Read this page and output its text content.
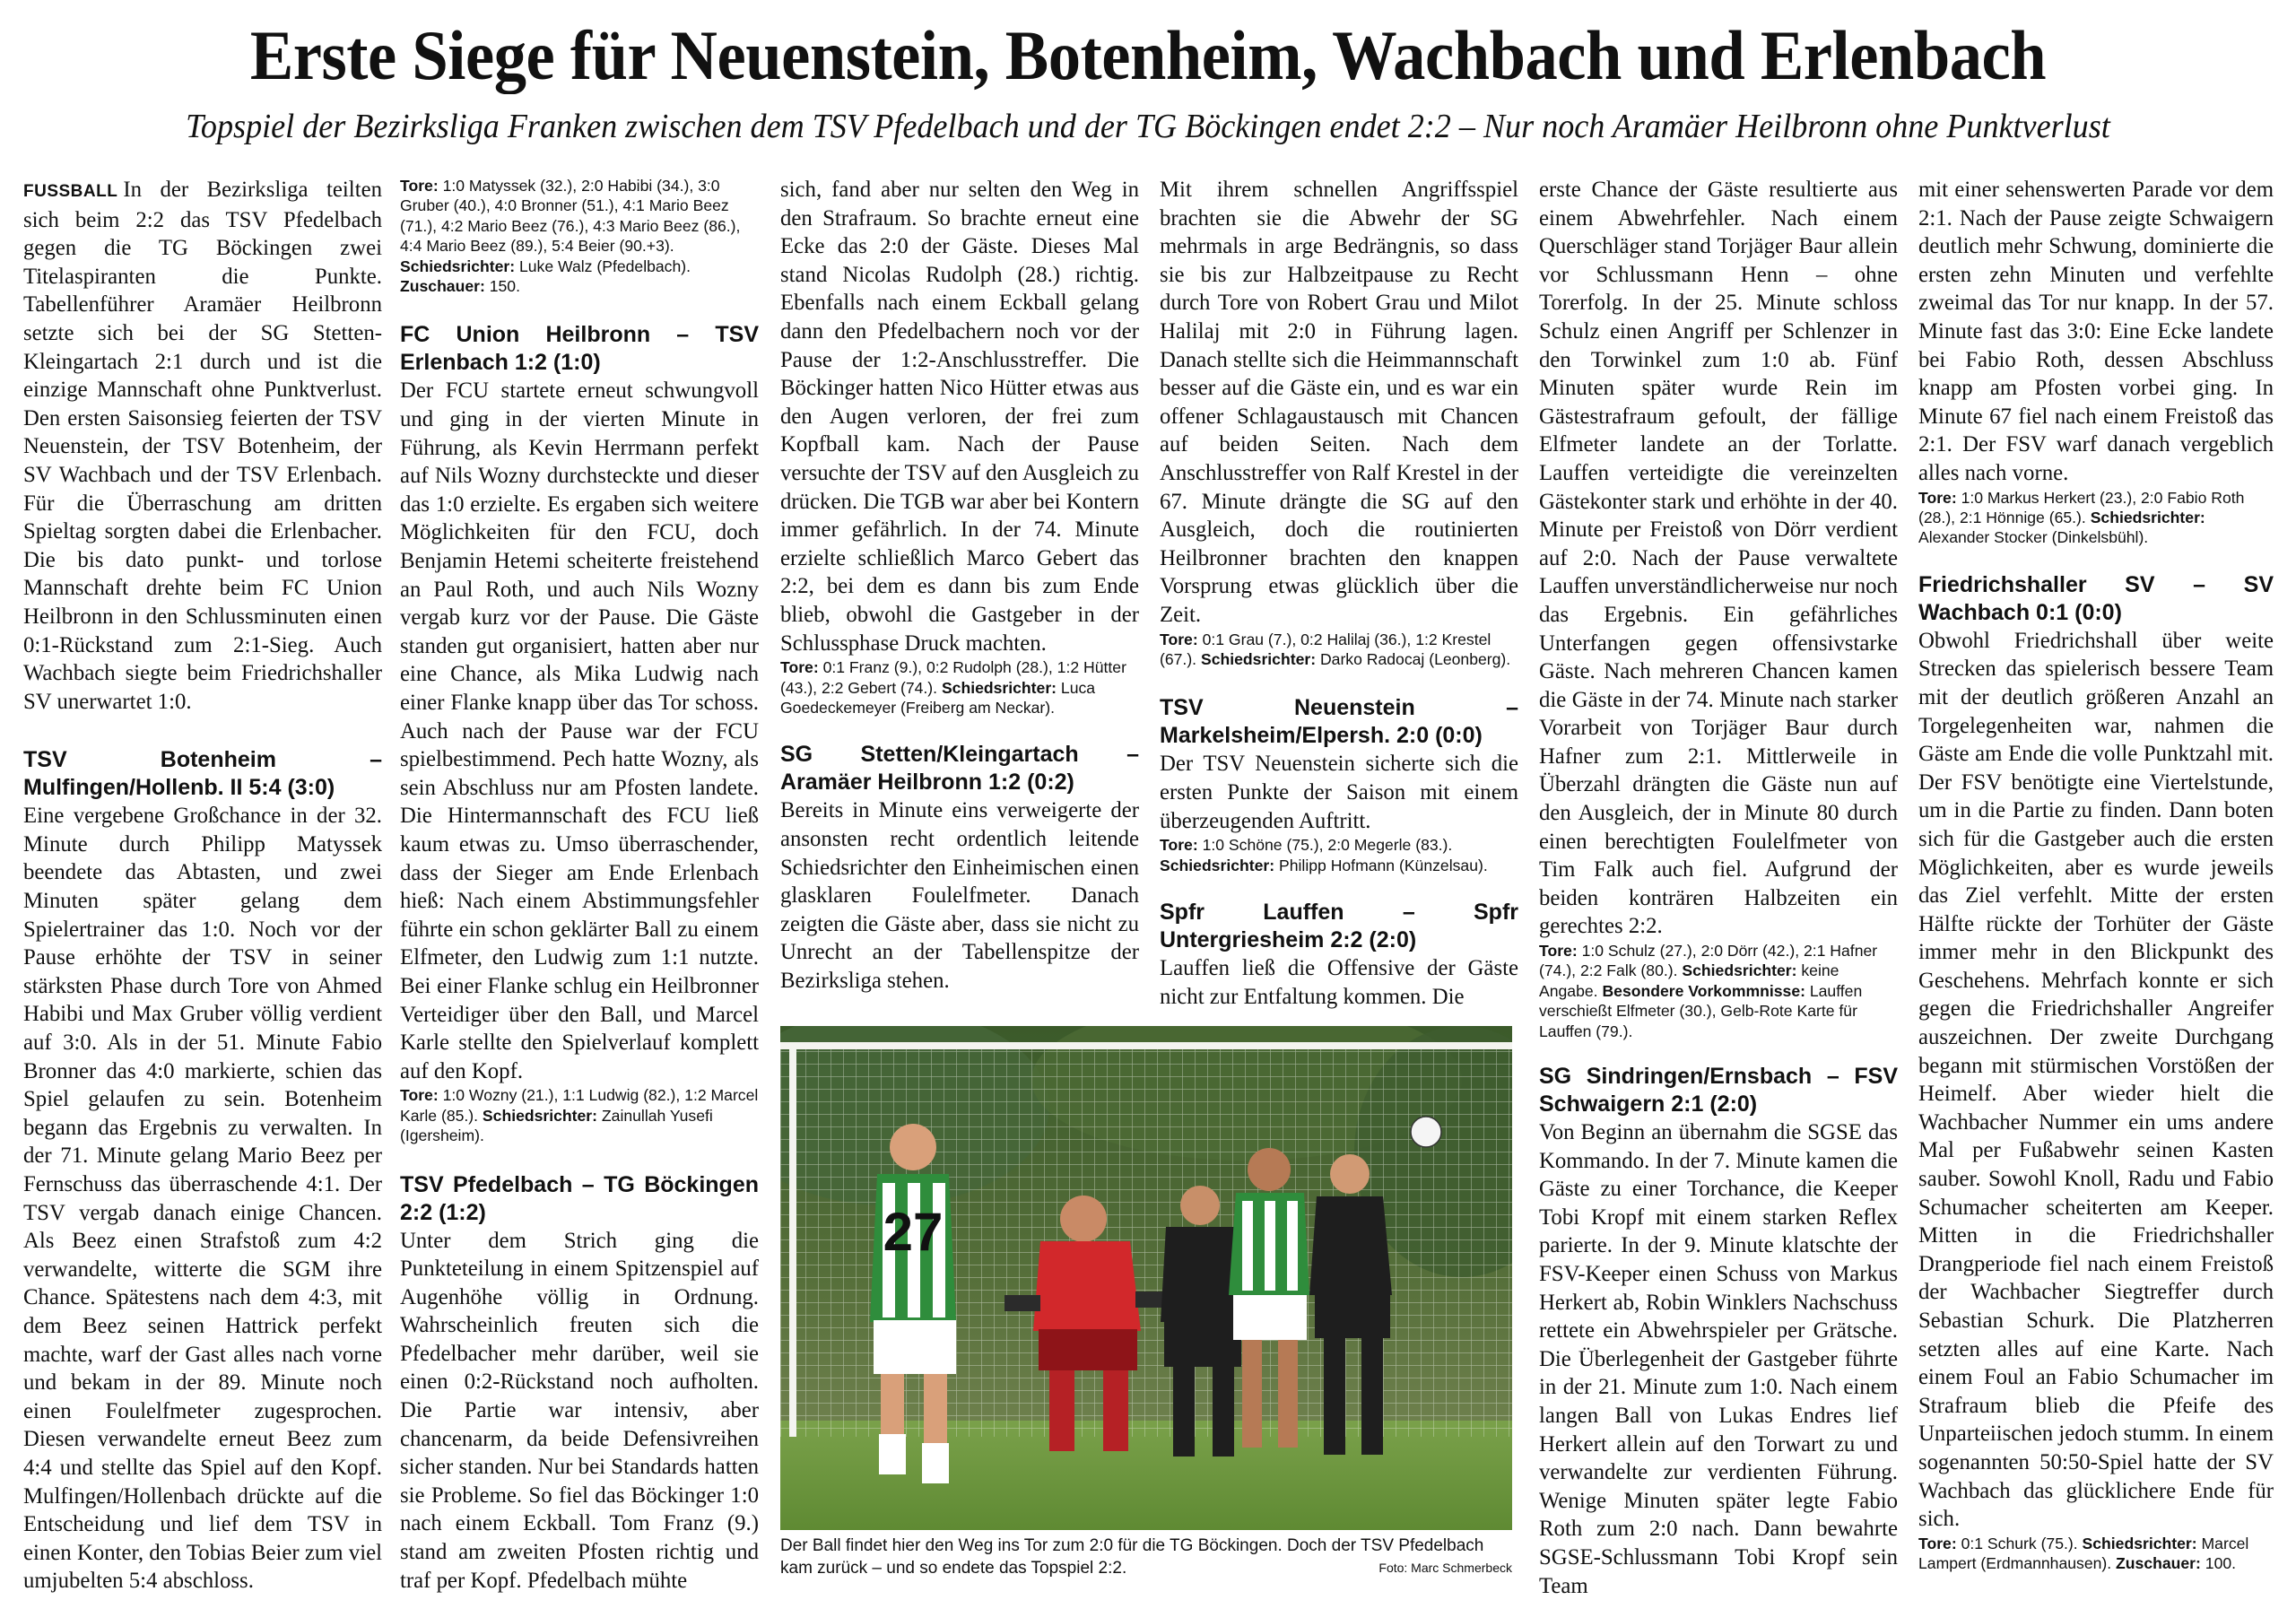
Erste Siege für Neuenstein, Botenheim, Wachbach und Erlenbach
Topspiel der Bezirksliga Franken zwischen dem TSV Pfedelbach und der TG Böckingen endet 2:2 – Nur noch Aramäer Heilbronn ohne Punktverlust

FUSSBALL In der Bezirksliga teilten sich beim 2:2 das TSV Pfedelbach gegen die TG Böckingen zwei Titelaspiranten die Punkte. Tabellenführer Aramäer Heilbronn setzte sich bei der SG Stetten-Kleingartach 2:1 durch und ist die einzige Mannschaft ohne Punktverlust. Den ersten Saisonsieg feierten der TSV Neuenstein, der TSV Botenheim, der SV Wachbach und der TSV Erlenbach. Für die Überraschung am dritten Spieltag sorgten dabei die Erlenbacher. Die bis dato punkt- und torlose Mannschaft drehte beim FC Union Heilbronn in den Schlussminuten einen 0:1-Rückstand zum 2:1-Sieg. Auch Wachbach siegte beim Friedrichshaller SV unerwartet 1:0.

TSV Botenheim – Mulfingen/Hollenb. II 5:4 (3:0)

Eine vergebene Großchance in der 32. Minute durch Philipp Matyssek beendete das Abtasten, und zwei Minuten später gelang dem Spielertrainer das 1:0. Noch vor der Pause erhöhte der TSV in seiner stärksten Phase durch Tore von Ahmed Habibi und Max Gruber völlig verdient auf 3:0. Als in der 51. Minute Fabio Bronner das 4:0 markierte, schien das Spiel gelaufen zu sein. Botenheim begann das Ergebnis zu verwalten. In der 71. Minute gelang Mario Beez per Fernschuss das überraschende 4:1. Der TSV vergab danach einige Chancen. Als Beez einen Strafstoß zum 4:2 verwandelte, witterte die SGM ihre Chance. Spätestens nach dem 4:3, mit dem Beez seinen Hattrick perfekt machte, warf der Gast alles nach vorne und bekam in der 89. Minute noch einen Foulelfmeter zugesprochen. Diesen verwandelte erneut Beez zum 4:4 und stellte das Spiel auf den Kopf. Mulfingen/Hollenbach drückte auf die Entscheidung und lief dem TSV in einen Konter, den Tobias Beier zum viel umjubelten 5:4 abschloss.

Tore: 1:0 Matyssek (32.), 2:0 Habibi (34.), 3:0 Gruber (40.), 4:0 Bronner (51.), 4:1 Mario Beez (71.), 4:2 Mario Beez (76.), 4:3 Mario Beez (86.), 4:4 Mario Beez (89.), 5:4 Beier (90.+3). Schiedsrichter: Luke Walz (Pfedelbach). Zuschauer: 150.

FC Union Heilbronn – TSV Erlenbach 1:2 (1:0)

Der FCU startete erneut schwungvoll und ging in der vierten Minute in Führung, als Kevin Herrmann perfekt auf Nils Wozny durchsteckte und dieser das 1:0 erzielte. Es ergaben sich weitere Möglichkeiten für den FCU, doch Benjamin Hetemi scheiterte freistehend an Paul Roth, und auch Nils Wozny vergab kurz vor der Pause. Die Gäste standen gut organisiert, hatten aber nur eine Chance, als Mika Ludwig nach einer Flanke knapp über das Tor schoss. Auch nach der Pause war der FCU spielbestimmend. Pech hatte Wozny, als sein Abschluss nur am Pfosten landete. Die Hintermannschaft des FCU ließ kaum etwas zu. Umso überraschender, dass der Sieger am Ende Erlenbach hieß: Nach einem Abstimmungsfehler führte ein schon geklärter Ball zu einem Elfmeter, den Ludwig zum 1:1 nutzte. Bei einer Flanke schlug ein Heilbronner Verteidiger über den Ball, und Marcel Karle stellte den Spielverlauf komplett auf den Kopf.

Tore: 1:0 Wozny (21.), 1:1 Ludwig (82.), 1:2 Marcel Karle (85.). Schiedsrichter: Zainullah Yusefi (Igersheim).

TSV Pfedelbach – TG Böckingen 2:2 (1:2)

Unter dem Strich ging die Punkteteilung in einem Spitzenspiel auf Augenhöhe völlig in Ordnung. Wahrscheinlich freuten sich die Pfedelbacher mehr darüber, weil sie einen 0:2-Rückstand noch aufholten. Die Partie war intensiv, aber chancenarm, da beide Defensivreihen sicher standen. Nur bei Standards hatten sie Probleme. So fiel das Böckinger 1:0 nach einem Eckball. Tom Franz (9.) stand am zweiten Pfosten richtig und traf per Kopf. Pfedelbach mühte

sich, fand aber nur selten den Weg in den Strafraum. So brachte erneut eine Ecke das 2:0 der Gäste. Dieses Mal stand Nicolas Rudolph (28.) richtig. Ebenfalls nach einem Eckball gelang dann den Pfedelbachern noch vor der Pause der 1:2-Anschlusstreffer. Die Böckinger hatten Nico Hütter etwas aus den Augen verloren, der frei zum Kopfball kam. Nach der Pause versuchte der TSV auf den Ausgleich zu drücken. Die TGB war aber bei Kontern immer gefährlich. In der 74. Minute erzielte schließlich Marco Gebert das 2:2, bei dem es dann bis zum Ende blieb, obwohl die Gastgeber in der Schlussphase Druck machten.

Tore: 0:1 Franz (9.), 0:2 Rudolph (28.), 1:2 Hütter (43.), 2:2 Gebert (74.). Schiedsrichter: Luca Goedeckemeyer (Freiberg am Neckar).

SG Stetten/Kleingartach – Aramäer Heilbronn 1:2 (0:2)

Bereits in Minute eins verweigerte der ansonsten recht ordentlich leitende Schiedsrichter den Einheimischen einen glasklaren Foulelfmeter. Danach zeigten die Gäste aber, dass sie nicht zu Unrecht an der Tabellenspitze der Bezirksliga stehen.

Mit ihrem schnellen Angriffsspiel brachten sie die Abwehr der SG mehrmals in arge Bedrängnis, so dass sie bis zur Halbzeitpause zu Recht durch Tore von Robert Grau und Milot Halilaj mit 2:0 in Führung lagen. Danach stellte sich die Heimmannschaft besser auf die Gäste ein, und es war ein offener Schlagaustausch mit Chancen auf beiden Seiten. Nach dem Anschlusstreffer von Ralf Krestel in der 67. Minute drängte die SG auf den Ausgleich, doch die routinierten Heilbronner brachten den knappen Vorsprung etwas glücklich über die Zeit.

Tore: 0:1 Grau (7.), 0:2 Halilaj (36.), 1:2 Krestel (67.). Schiedsrichter: Darko Radocaj (Leonberg).

TSV Neuenstein – Markelsheim/Elpersh. 2:0 (0:0)

Der TSV Neuenstein sicherte sich die ersten Punkte der Saison mit einem überzeugenden Auftritt.

Tore: 1:0 Schöne (75.), 2:0 Megerle (83.). Schiedsrichter: Philipp Hofmann (Künzelsau).

Spfr Lauffen – Spfr Untergriesheim 2:2 (2:0)

Lauffen ließ die Offensive der Gäste nicht zur Entfaltung kommen. Die

erste Chance der Gäste resultierte aus einem Abwehrfehler. Nach einem Querschläger stand Torjäger Baur allein vor Schlussmann Henn – ohne Torerfolg. In der 25. Minute schloss Schulz einen Angriff per Schlenzer in den Torwinkel zum 1:0 ab. Fünf Minuten später wurde Rein im Gästestrafraum gefoult, der fällige Elfmeter landete an der Torlatte. Lauffen verteidigte die vereinzelten Gästekonter stark und erhöhte in der 40. Minute per Freistoß von Dörr verdient auf 2:0. Nach der Pause verwaltete Lauffen unverständlicherweise nur noch das Ergebnis. Ein gefährliches Unterfangen gegen offensivstarke Gäste. Nach mehreren Chancen kamen die Gäste in der 74. Minute nach starker Vorarbeit von Torjäger Baur durch Hafner zum 2:1. Mittlerweile in Überzahl drängten die Gäste nun auf den Ausgleich, der in Minute 80 durch einen berechtigten Foulelfmeter von Tim Falk auch fiel. Aufgrund der beiden konträren Halbzeiten ein gerechtes 2:2.

Tore: 1:0 Schulz (27.), 2:0 Dörr (42.), 2:1 Hafner (74.), 2:2 Falk (80.). Schiedsrichter: keine Angabe. Besondere Vorkommnisse: Lauffen verschießt Elfmeter (30.), Gelb-Rote Karte für Lauffen (79.).

SG Sindringen/Ernsbach – FSV Schwaigern 2:1 (2:0)

Von Beginn an übernahm die SGSE das Kommando. In der 7. Minute kamen die Gäste zu einer Torchance, die Keeper Tobi Kropf mit einem starken Reflex parierte. In der 9. Minute klatschte der FSV-Keeper einen Schuss von Markus Herkert ab, Robin Winklers Nachschuss rettete ein Abwehrspieler per Grätsche. Die Überlegenheit der Gastgeber führte in der 21. Minute zum 1:0. Nach einem langen Ball von Lukas Endres lief Herkert allein auf den Torwart zu und verwandelte zur verdienten Führung. Wenige Minuten später legte Fabio Roth zum 2:0 nach. Dann bewahrte SGSE-Schlussmann Tobi Kropf sein Team

mit einer sehenswerten Parade vor dem 2:1. Nach der Pause zeigte Schwaigern deutlich mehr Schwung, dominierte die ersten zehn Minuten und verfehlte zweimal das Tor nur knapp. In der 57. Minute fast das 3:0: Eine Ecke landete bei Fabio Roth, dessen Abschluss knapp am Pfosten vorbei ging. In Minute 67 fiel nach einem Freistoß das 2:1. Der FSV warf danach vergeblich alles nach vorne.

Tore: 1:0 Markus Herkert (23.), 2:0 Fabio Roth (28.), 2:1 Hönnige (65.). Schiedsrichter: Alexander Stocker (Dinkelsbühl).

Friedrichshaller SV – SV Wachbach 0:1 (0:0)

Obwohl Friedrichshall über weite Strecken das spielerisch bessere Team mit der deutlich größeren Anzahl an Torgelegenheiten war, nahmen die Gäste am Ende die volle Punktzahl mit. Der FSV benötigte eine Viertelstunde, um in die Partie zu finden. Dann boten sich für die Gastgeber auch die ersten Möglichkeiten, aber es wurde jeweils das Ziel verfehlt. Mitte der ersten Hälfte rückte der Torhüter der Gäste immer mehr in den Blickpunkt des Geschehens. Mehrfach konnte er sich gegen die Friedrichshaller Angreifer auszeichnen. Der zweite Durchgang begann mit stürmischen Vorstößen der Heimelf. Aber wieder hielt die Wachbacher Nummer ein ums andere Mal per Fußabwehr seinen Kasten sauber. Sowohl Knoll, Radu und Fabio Schumacher scheiterten am Keeper. Mitten in die Friedrichshaller Drangperiode fiel nach einem Freistoß der Wachbacher Siegtreffer durch Sebastian Schurk. Die Platzherren setzten alles auf eine Karte. Nach einem Foul an Fabio Schumacher im Strafraum blieb die Pfeife des Unparteiischen jedoch stumm. In einem sogenannten 50:50-Spiel hatte der SV Wachbach das glücklichere Ende für sich.

Tore: 0:1 Schurk (75.). Schiedsrichter: Marcel Lampert (Erdmannhausen). Zuschauer: 100.

27
Der Ball findet hier den Weg ins Tor zum 2:0 für die TG Böckingen. Doch der TSV Pfedelbach kam zurück – und so endete das Topspiel 2:2.	Foto: Marc Schmerbeck
